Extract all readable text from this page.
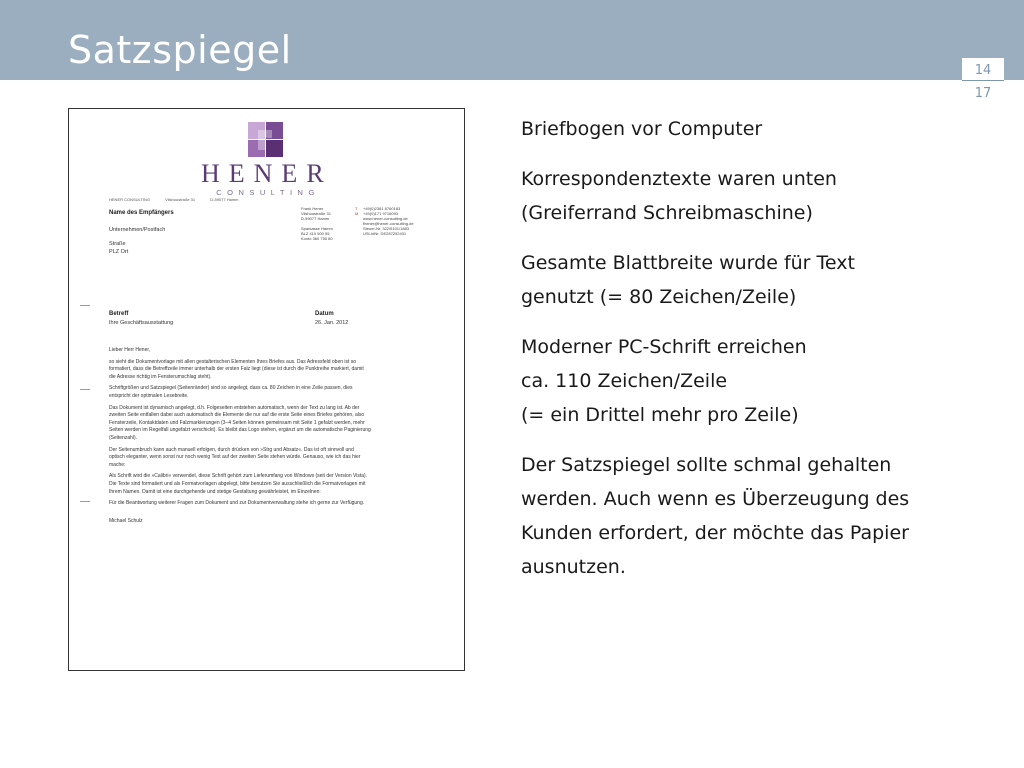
Satzspiegel	14
17
HENER
CONSULTING
HENER CONSULTING	Vilshoustraße 31	D-59077 Hamm
Name des Empfängers
Unternehmen/Postfach
Straße
PLZ Ort
Frank Hener
Vilshoustraße 31
D-59077 Hamm
Sparkasse Hamm
BLZ 410 500 95
Konto 360 755 80
T
M
+49(0)2381 8760183
+49(0)171 9716093
www.hener-consulting.de
fhener@hener-consulting.de
Steuer-Nr. 322/5101/1883
USt-IdNr. DE287252401
Betreff
Ihre Geschäftsausstattung
Datum
26. Jan. 2012

Lieber Herr Hener,

so sieht die Dokumentvorlage mit allen gestalterischen Elementen Ihres Briefes aus. Das Adressfeld oben ist so formatiert, dass die Betreffzeile immer unterhalb der ersten Falz liegt (diese ist durch die Punktreihe markiert, damit die Adresse richtig im Fensterumschlag steht).

Schriftgrößen und Satzspiegel (Seitenränder) sind so angelegt, dass ca. 80 Zeichen in eine Zeile passen, dies entspricht der optimalen Lesebreite.

Das Dokument ist dynamisch angelegt, d.h. Folgeseiten entstehen automatisch, wenn der Text zu lang ist. Ab der zweiten Seite entfallen dabei auch automatisch die Elemente die nur auf die erste Seite eines Briefes gehören, also Fensterzeile, Kontaktdaten und Falzmarkierungen (3–4 Seiten können gemeinsam mit Seite 1 gefalzt werden, mehr Seiten werden im Regelfall ungefalzt verschickt). Es bleibt das Logo stehen, ergänzt um die automatische Paginierung (Seitenzahl).

Der Seitenumbruch kann auch manuell erfolgen, durch drücken von »Strg und Absatz«. Das ist oft sinnvoll und optisch eleganter, wenn sonst nur noch wenig Text auf der zweiten Seite stehen würde. Genauso, wie ich das hier mache:

Als Schrift wird die »Calibri« verwendet, diese Schrift gehört zum Lieferumfang von Windows (seit der Version Vista). Die Texte sind formatiert und als Formatvorlagen abgelegt, bitte benutzen Sie ausschließlich die Formatvorlagen mit Ihrem Namen. Damit ist eine durchgehende und stetige Gestaltung gewährleistet, im Einzelnen:

Für die Beantwortung weiterer Fragen zum Dokument und zur Dokumentverwaltung stehe ich gerne zur Verfügung.

Michael Schulz

Briefbogen vor Computer
Korrespondenztexte waren unten
(Greiferrand Schreibmaschine)
Gesamte Blattbreite wurde für Text
genutzt (= 80 Zeichen/Zeile)
Moderner PC-Schrift erreichen
ca. 110 Zeichen/Zeile
(= ein Drittel mehr pro Zeile)
Der Satzspiegel sollte schmal gehalten
werden. Auch wenn es Überzeugung des
Kunden erfordert, der möchte das Papier
ausnutzen.
